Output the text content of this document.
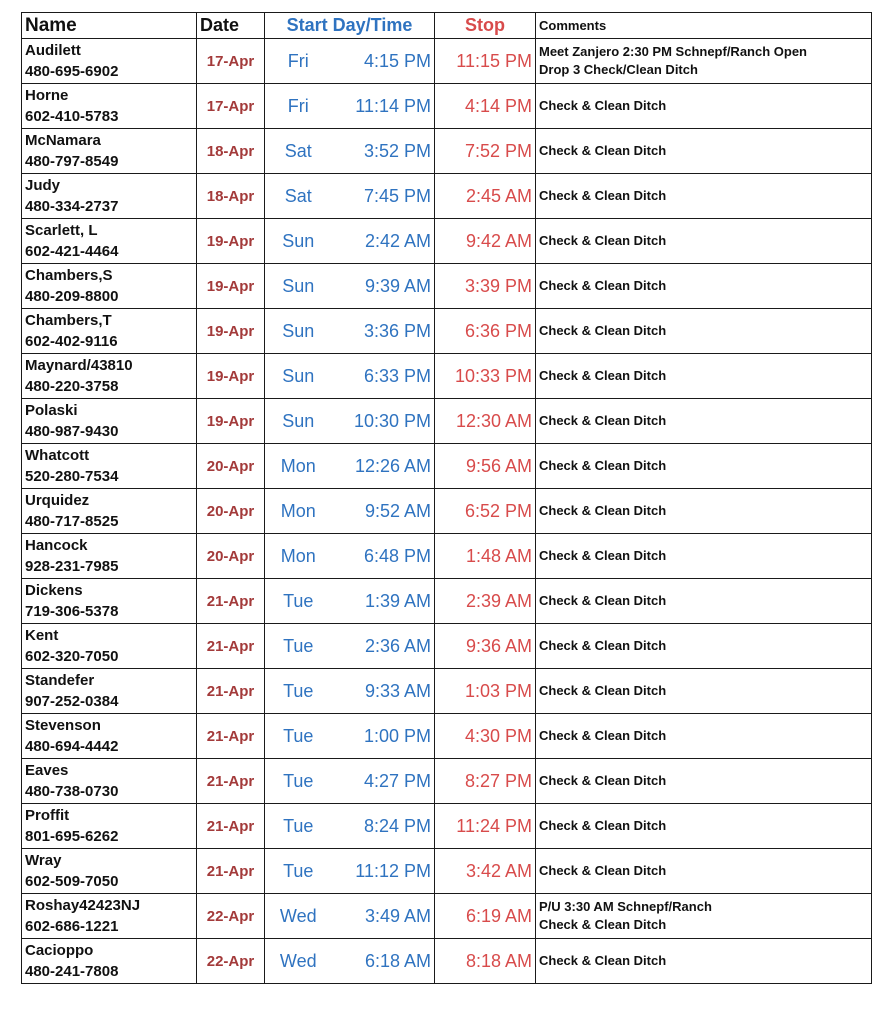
Name	Date	Start Day/Time		Stop	Comments

Audilett
480-695-6902	17-Apr	Fri	4:15 PM	11:15 PM	Meet Zanjero 2:30 PM Schnepf/Ranch Open
Drop 3 Check/Clean Ditch

Horne
602-410-5783	17-Apr	Fri	11:14 PM	4:14 PM	Check & Clean Ditch

McNamara
480-797-8549	18-Apr	Sat	3:52 PM	7:52 PM	Check & Clean Ditch

Judy
480-334-2737	18-Apr	Sat	7:45 PM	2:45 AM	Check & Clean Ditch

Scarlett, L
602-421-4464	19-Apr	Sun	2:42 AM	9:42 AM	Check & Clean Ditch

Chambers,S
480-209-8800	19-Apr	Sun	9:39 AM	3:39 PM	Check & Clean Ditch

Chambers,T
602-402-9116	19-Apr	Sun	3:36 PM	6:36 PM	Check & Clean Ditch

Maynard/43810
480-220-3758	19-Apr	Sun	6:33 PM	10:33 PM	Check & Clean Ditch

Polaski
480-987-9430	19-Apr	Sun	10:30 PM	12:30 AM	Check & Clean Ditch

Whatcott
520-280-7534	20-Apr	Mon	12:26 AM	9:56 AM	Check & Clean Ditch

Urquidez
480-717-8525	20-Apr	Mon	9:52 AM	6:52 PM	Check & Clean Ditch

Hancock
928-231-7985	20-Apr	Mon	6:48 PM	1:48 AM	Check & Clean Ditch

Dickens
719-306-5378	21-Apr	Tue	1:39 AM	2:39 AM	Check & Clean Ditch

Kent
602-320-7050	21-Apr	Tue	2:36 AM	9:36 AM	Check & Clean Ditch

Standefer
907-252-0384	21-Apr	Tue	9:33 AM	1:03 PM	Check & Clean Ditch

Stevenson
480-694-4442	21-Apr	Tue	1:00 PM	4:30 PM	Check & Clean Ditch

Eaves
480-738-0730	21-Apr	Tue	4:27 PM	8:27 PM	Check & Clean Ditch

Proffit
801-695-6262	21-Apr	Tue	8:24 PM	11:24 PM	Check & Clean Ditch

Wray
602-509-7050	21-Apr	Tue	11:12 PM	3:42 AM	Check & Clean Ditch

Roshay42423NJ
602-686-1221	22-Apr	Wed	3:49 AM	6:19 AM	P/U 3:30 AM Schnepf/Ranch
Check & Clean Ditch

Cacioppo
480-241-7808	22-Apr	Wed	6:18 AM	8:18 AM	Check & Clean Ditch
